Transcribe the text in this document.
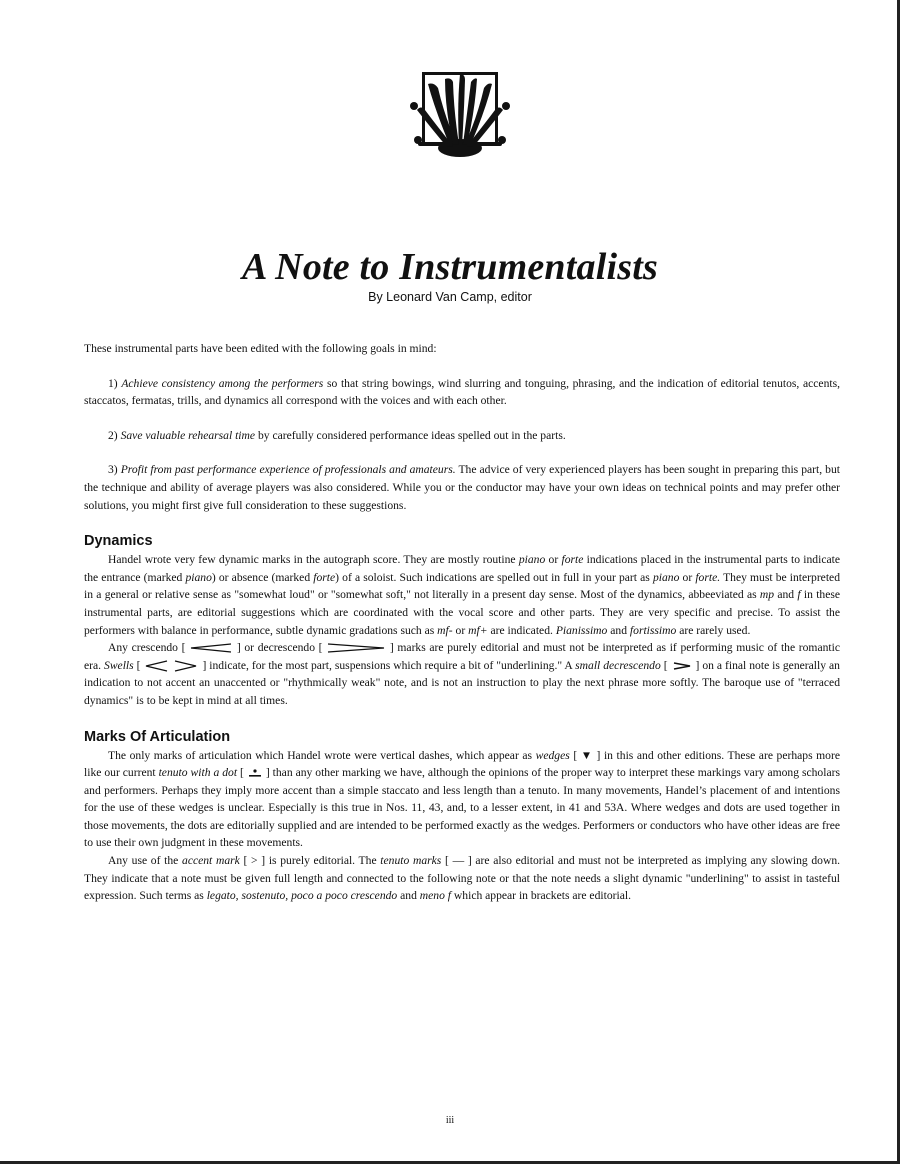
A Note to Instrumentalists

By Leonard Van Camp, editor

These instrumental parts have been edited with the following goals in mind:

1) Achieve consistency among the performers so that string bowings, wind slurring and tonguing, phrasing, and the indication of editorial tenutos, accents, staccatos, fermatas, trills, and dynamics all correspond with the voices and with each other.

2) Save valuable rehearsal time by carefully considered performance ideas spelled out in the parts.

3) Profit from past performance experience of professionals and amateurs. The advice of very experienced players has been sought in preparing this part, but the technique and ability of average players was also considered. While you or the conductor may have your own ideas on technical points and may prefer other solutions, you might first give full consideration to these suggestions.

Dynamics

Handel wrote very few dynamic marks in the autograph score. They are mostly routine piano or forte indications placed in the instrumental parts to indicate the entrance (marked piano) or absence (marked forte) of a soloist. Such indications are spelled out in full in your part as piano or forte. They must be interpreted in a general or relative sense as "somewhat loud" or "somewhat soft," not literally in a present day sense. Most of the dynamics, abbeeviated as mp and f in these instrumental parts, are editorial suggestions which are coordinated with the vocal score and other parts. They are very specific and precise. To assist the performers with balance in performance, subtle dynamic gradations such as mf- or mf+ are indicated. Pianissimo and fortissimo are rarely used.

Any crescendo [	] or decrescendo [	] marks are purely editorial and must not be interpreted as if performing music of the romantic era. Swells [	] indicate, for the most part, suspensions which require a bit of "underlining." A small decrescendo [ ] on a final note is generally an indication to not accent an unaccented or "rhythmically weak" note, and is not an instruction to play the next phrase more softly. The baroque use of "terraced dynamics" is to be kept in mind at all times.

Marks Of Articulation

The only marks of articulation which Handel wrote were vertical dashes, which appear as wedges [ ▼ ] in this and other editions. These are perhaps more like our current tenuto with a dot [ ] than any other marking we have, although the opinions of the proper way to interpret these markings vary among scholars and performers. Perhaps they imply more accent than a simple staccato and less length than a tenuto. In many movements, Handel’s placement of and intentions for the use of these wedges is unclear. Especially is this true in Nos. 11, 43, and, to a lesser extent, in 41 and 53A. Where wedges and dots are used together in those movements, the dots are editorially supplied and are intended to be performed exactly as the wedges. Performers or conductors who have other ideas are free to use their own judgment in these movements.

Any use of the accent mark [ > ] is purely editorial. The tenuto marks [ — ] are also editorial and must not be interpreted as implying any slowing down. They indicate that a note must be given full length and connected to the following note or that the note needs a slight dynamic "underlining" to assist in tasteful expression. Such terms as legato, sostenuto, poco a poco crescendo and meno f which appear in brackets are editorial.

iii
